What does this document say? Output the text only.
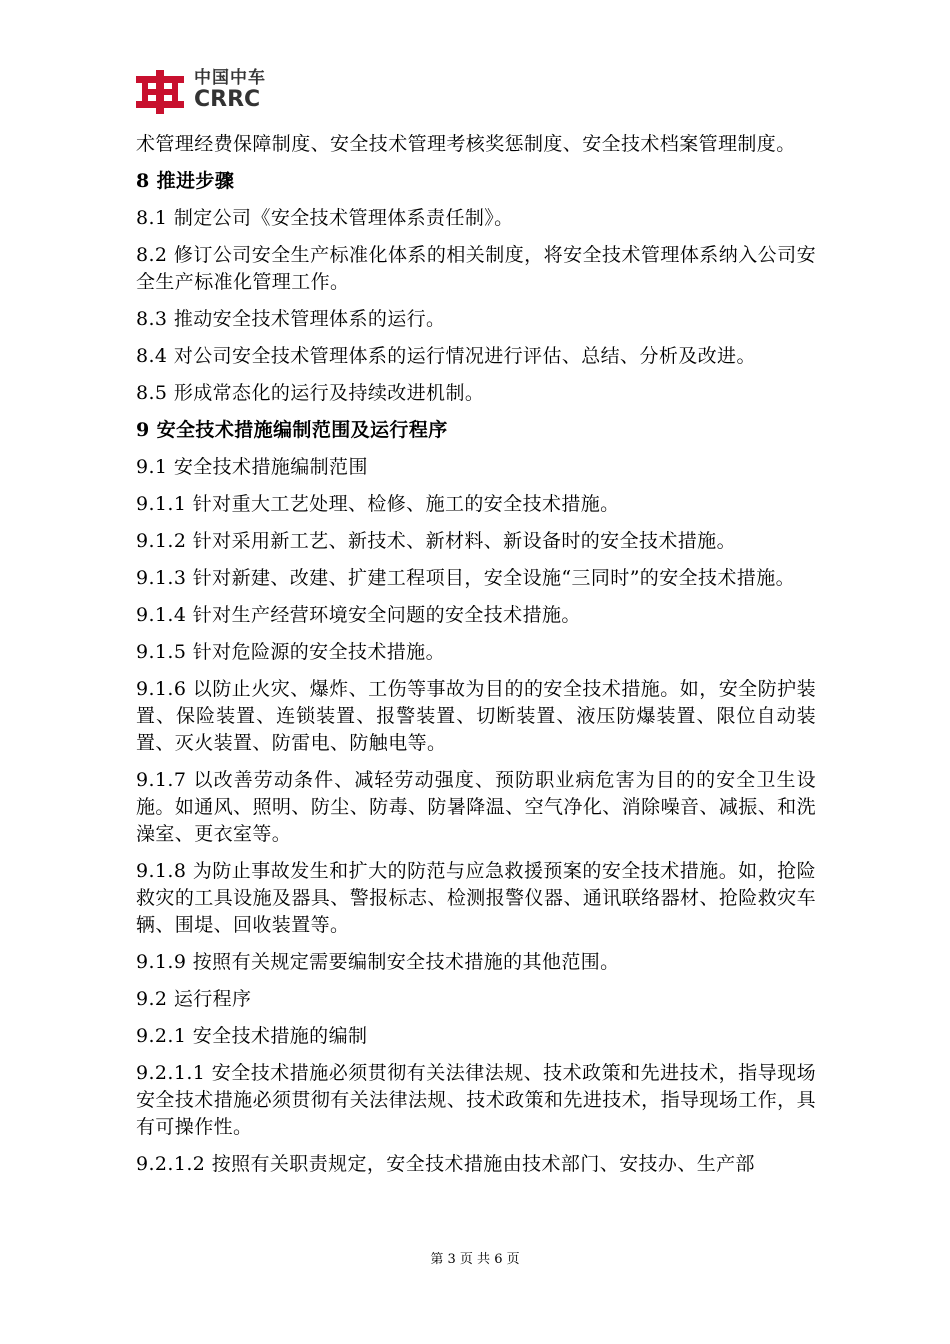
中国中车
CRRC

术管理经费保障制度、安全技术管理考核奖惩制度、安全技术档案管理制度。

8 推进步骤

8.1 制定公司《安全技术管理体系责任制》。

8.2 修订公司安全生产标准化体系的相关制度，将安全技术管理体系纳入公司安全生产标准化管理工作。

8.3 推动安全技术管理体系的运行。

8.4 对公司安全技术管理体系的运行情况进行评估、总结、分析及改进。

8.5 形成常态化的运行及持续改进机制。

9 安全技术措施编制范围及运行程序

9.1 安全技术措施编制范围

9.1.1 针对重大工艺处理、检修、施工的安全技术措施。

9.1.2 针对采用新工艺、新技术、新材料、新设备时的安全技术措施。

9.1.3 针对新建、改建、扩建工程项目，安全设施“三同时”的安全技术措施。

9.1.4 针对生产经营环境安全问题的安全技术措施。

9.1.5 针对危险源的安全技术措施。

9.1.6 以防止火灾、爆炸、工伤等事故为目的的安全技术措施。如，安全防护装置、保险装置、连锁装置、报警装置、切断装置、液压防爆装置、限位自动装置、灭火装置、防雷电、防触电等。

9.1.7 以改善劳动条件、减轻劳动强度、预防职业病危害为目的的安全卫生设施。如通风、照明、防尘、防毒、防暑降温、空气净化、消除噪音、减振、和洗澡室、更衣室等。

9.1.8 为防止事故发生和扩大的防范与应急救援预案的安全技术措施。如，抢险救灾的工具设施及器具、警报标志、检测报警仪器、通讯联络器材、抢险救灾车辆、围堤、回收装置等。

9.1.9 按照有关规定需要编制安全技术措施的其他范围。

9.2 运行程序

9.2.1 安全技术措施的编制

9.2.1.1 安全技术措施必须贯彻有关法律法规、技术政策和先进技术，指导现场安全技术措施必须贯彻有关法律法规、技术政策和先进技术，指导现场工作，具有可操作性。

9.2.1.2 按照有关职责规定，安全技术措施由技术部门、安技办、生产部

第 3 页 共 6 页
